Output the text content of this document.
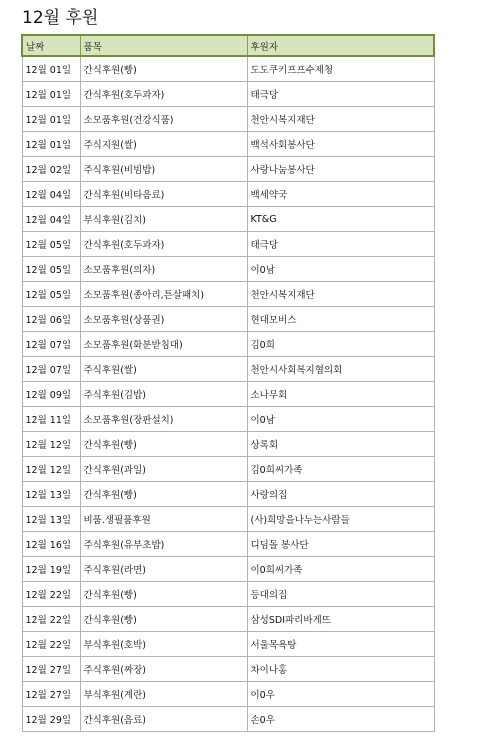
12월 후원
날짜	품목	후원자
12월 01일	간식후원(빵)	도도쿠키프프수제청
12월 01일	간식후원(호두과자)	태극당
12월 01일	소모품후원(건강식품)	천안시복지재단
12월 01일	주식지원(쌀)	백석사회봉사단
12월 02일	주식후원(비빔밥)	사랑나눔봉사단
12월 04일	간식후원(비타음료)	백세약국
12월 04일	부식후원(김치)	KT&G
12월 05일	간식후원(호두과자)	태극당
12월 05일	소모품후원(의자)	이0남
12월 05일	소모품후원(종아리,튼살패치)	천안시복지재단
12월 06일	소모품후원(상품권)	현대모비스
12월 07일	소모품후원(화분받침대)	김0희
12월 07일	주식후원(쌀)	천안시사회복지협의회
12월 09일	주식후원(김밥)	소나무회
12월 11일	소모품후원(장판설치)	이0남
12월 12일	간식후원(빵)	상록회
12월 12일	간식후원(과일)	김0희씨가족
12월 13일	간식후원(빵)	사랑의집
12월 13일	비품.생필품후원	(사)희망을나누는사람들
12월 16일	주식후원(유부초밥)	디딤돌 봉사단
12월 19일	주식후원(라면)	이0희씨가족
12월 22일	간식후원(빵)	등대의집
12월 22일	간식후원(빵)	삼성SDI파리바게뜨
12월 22일	부식후원(호박)	서울목욕탕
12월 27일	주식후원(짜장)	차이나홍
12월 27일	부식후원(계란)	이0우
12월 29일	간식후원(음료)	손0우
